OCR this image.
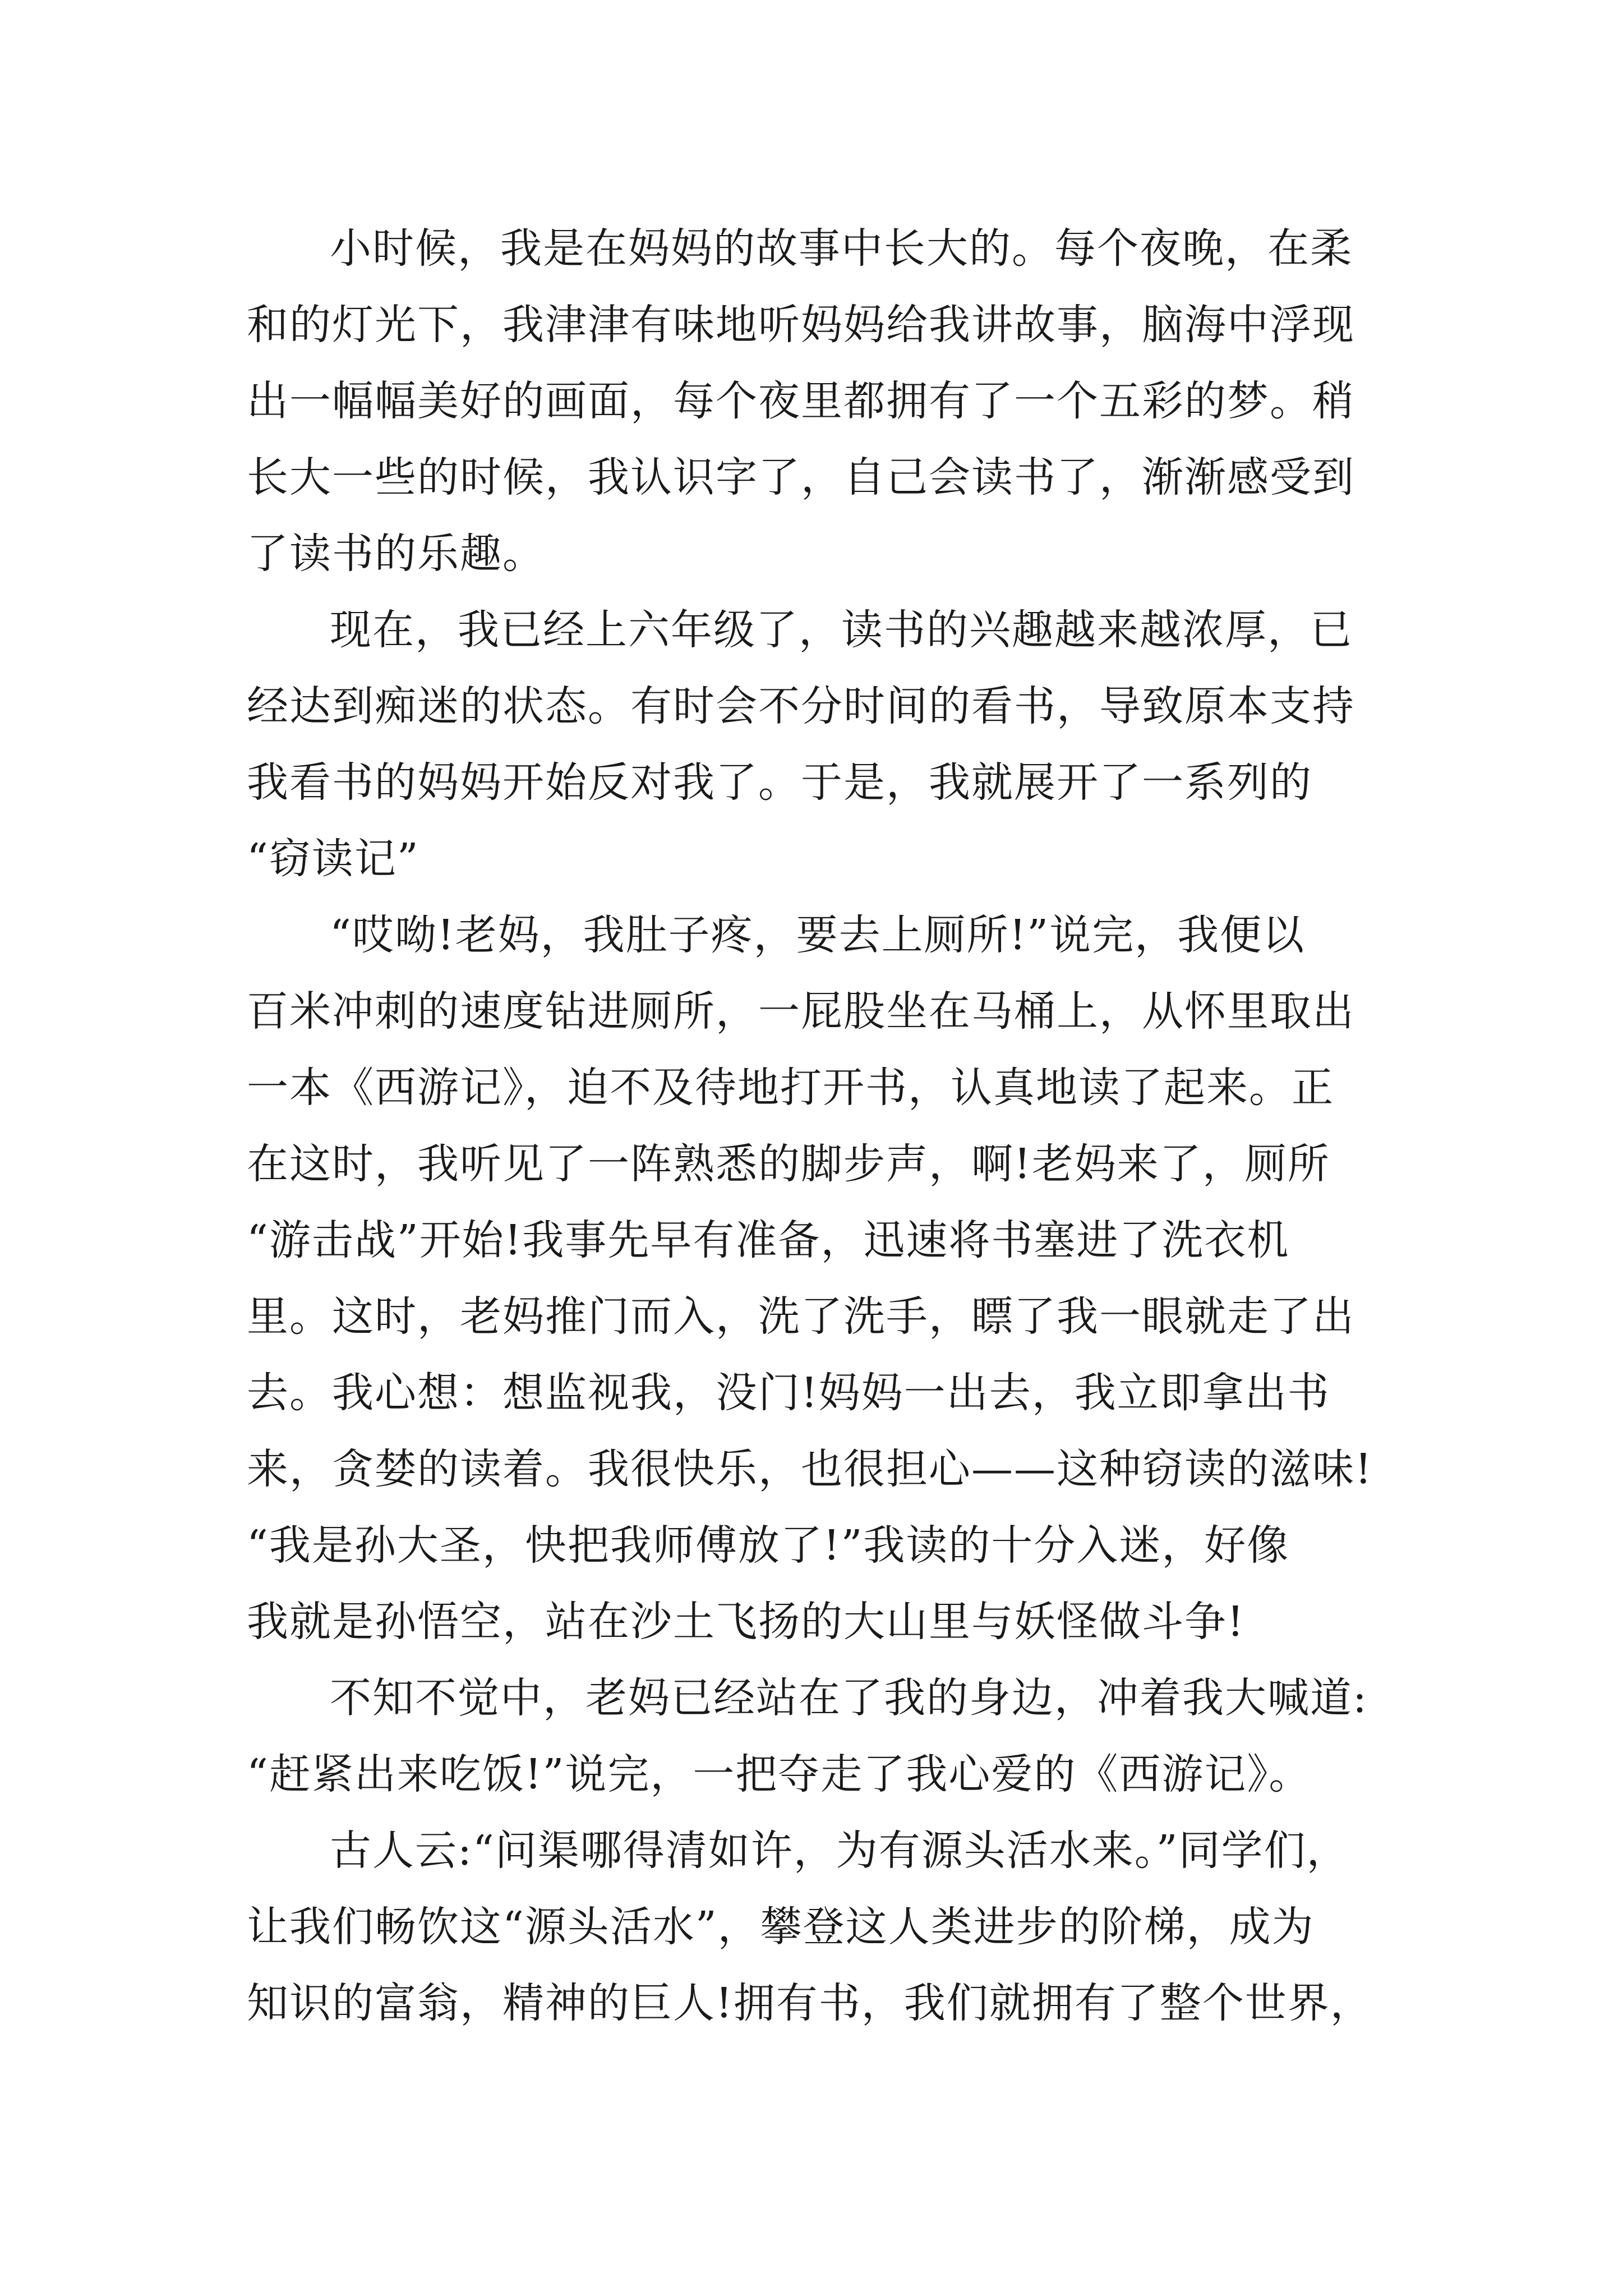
小时候，我是在妈妈的故事中长大的。每个夜晚，在柔
和的灯光下，我津津有味地听妈妈给我讲故事，脑海中浮现
出一幅幅美好的画面，每个夜里都拥有了一个五彩的梦。稍
长大一些的时候，我认识字了，自己会读书了，渐渐感受到
了读书的乐趣。
现在，我已经上六年级了，读书的兴趣越来越浓厚，已
经达到痴迷的状态。有时会不分时间的看书，导致原本支持
我看书的妈妈开始反对我了。于是，我就展开了一系列的
“窃读记”
“哎呦!老妈，我肚子疼，要去上厕所!”说完，我便以
百米冲刺的速度钻进厕所，一屁股坐在马桶上，从怀里取出
一本《西游记》，迫不及待地打开书，认真地读了起来。正
在这时，我听见了一阵熟悉的脚步声，啊!老妈来了，厕所
“游击战”开始!我事先早有准备，迅速将书塞进了洗衣机
里。这时，老妈推门而入，洗了洗手，瞟了我一眼就走了出
去。我心想：想监视我，没门!妈妈一出去，我立即拿出书
来，贪婪的读着。我很快乐，也很担心——这种窃读的滋味!
“我是孙大圣，快把我师傅放了!”我读的十分入迷，好像
我就是孙悟空，站在沙土飞扬的大山里与妖怪做斗争!
不知不觉中，老妈已经站在了我的身边，冲着我大喊道:
“赶紧出来吃饭!”说完，一把夺走了我心爱的《西游记》。
古人云:“问渠哪得清如许，为有源头活水来。”同学们，
让我们畅饮这“源头活水”，攀登这人类进步的阶梯，成为
知识的富翁，精神的巨人!拥有书，我们就拥有了整个世界，
